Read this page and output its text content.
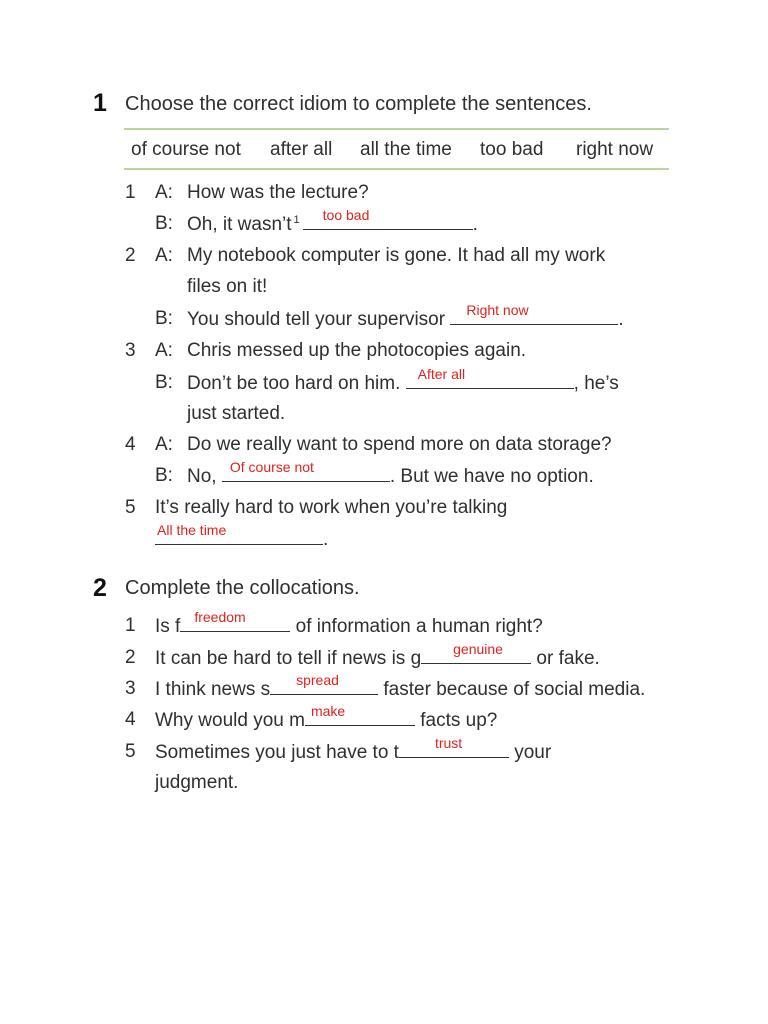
1 Choose the correct idiom to complete the sentences.
of course not after all all the time too bad right now
1 A: How was the lecture?
B: Oh, it wasn’t $^1$ too bad	.
2 A: My notebook computer is gone. It had all my work
files on it!
B: You should tell your supervisor Right now	.
3 A: Chris messed up the photocopies again.
B: Don’t be too hard on him. After all	, he’s
just started.
4 A: Do we really want to spend more on data storage?
B: No, Of course not	. But we have no option.
5 It’s really hard to work when you’re talking
All the time	.
2 Complete the collocations.
1 Is f freedom	of information a human right?
2 It can be hard to tell if news is g genuine or fake.
3 I think news s spread faster because of social media.
4 Why would you m make	facts up?
5 Sometimes you just have to t	trust	your
judgment.
